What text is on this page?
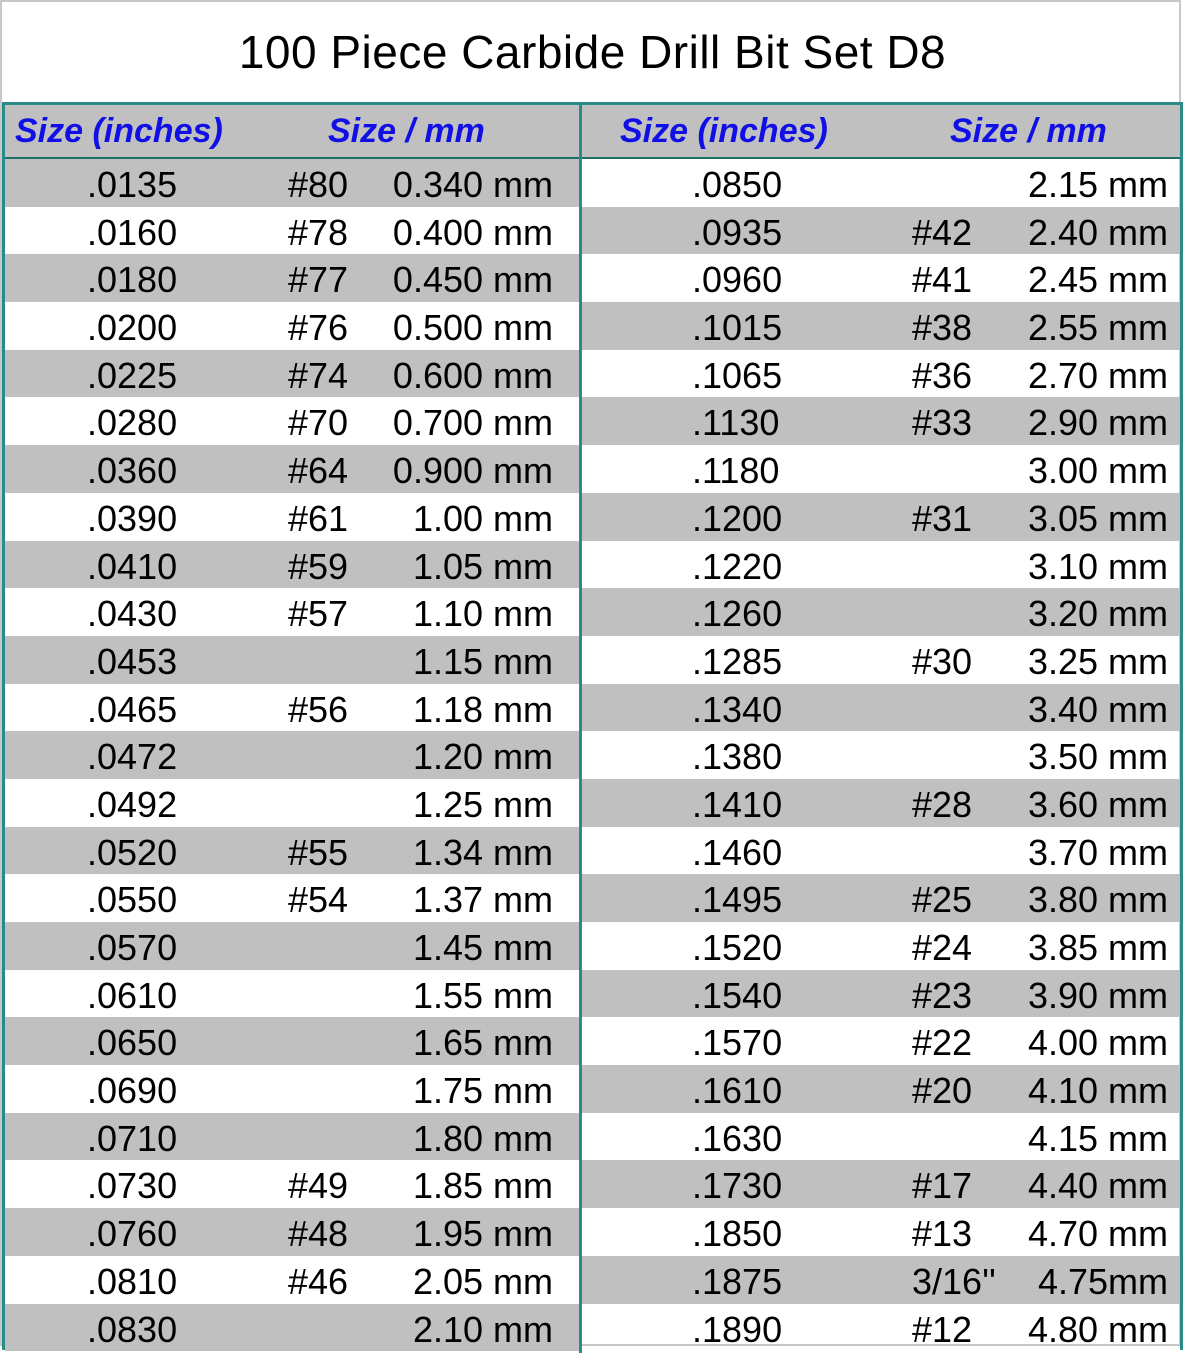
100 Piece Carbide Drill Bit Set D8
Size (inches)	Size / mm
.0135	#80 0.340 mm
.0160	#78 0.400 mm
.0180	#77 0.450 mm
.0200	#76 0.500 mm
.0225	#74 0.600 mm
.0280	#70 0.700 mm
.0360	#64 0.900 mm
.0390	#61 1.00 mm
.0410	#59 1.05 mm
.0430	#57 1.10 mm
.0453	1.15 mm
.0465	#56 1.18 mm
.0472	1.20 mm
.0492	1.25 mm
.0520	#55 1.34 mm
.0550	#54 1.37 mm
.0570	1.45 mm
.0610	1.55 mm
.0650	1.65 mm
.0690	1.75 mm
.0710	1.80 mm
.0730	#49 1.85 mm
.0760	#48 1.95 mm
.0810	#46 2.05 mm
.0830	2.10 mm
Size (inches)	Size / mm
.0850	2.15 mm
.0935	#42 2.40 mm
.0960	#41 2.45 mm
.1015	#38 2.55 mm
.1065	#36 2.70 mm
.1130	#33 2.90 mm
.1180	3.00 mm
.1200	#31 3.05 mm
.1220	3.10 mm
.1260	3.20 mm
.1285	#30 3.25 mm
.1340	3.40 mm
.1380	3.50 mm
.1410	#28 3.60 mm
.1460	3.70 mm
.1495	#25 3.80 mm
.1520	#24 3.85 mm
.1540	#23 3.90 mm
.1570	#22 4.00 mm
.1610	#20 4.10 mm
.1630	4.15 mm
.1730	#17 4.40 mm
.1850	#13 4.70 mm
.1875	3/16'' 4.75mm
.1890	#12 4.80 mm
